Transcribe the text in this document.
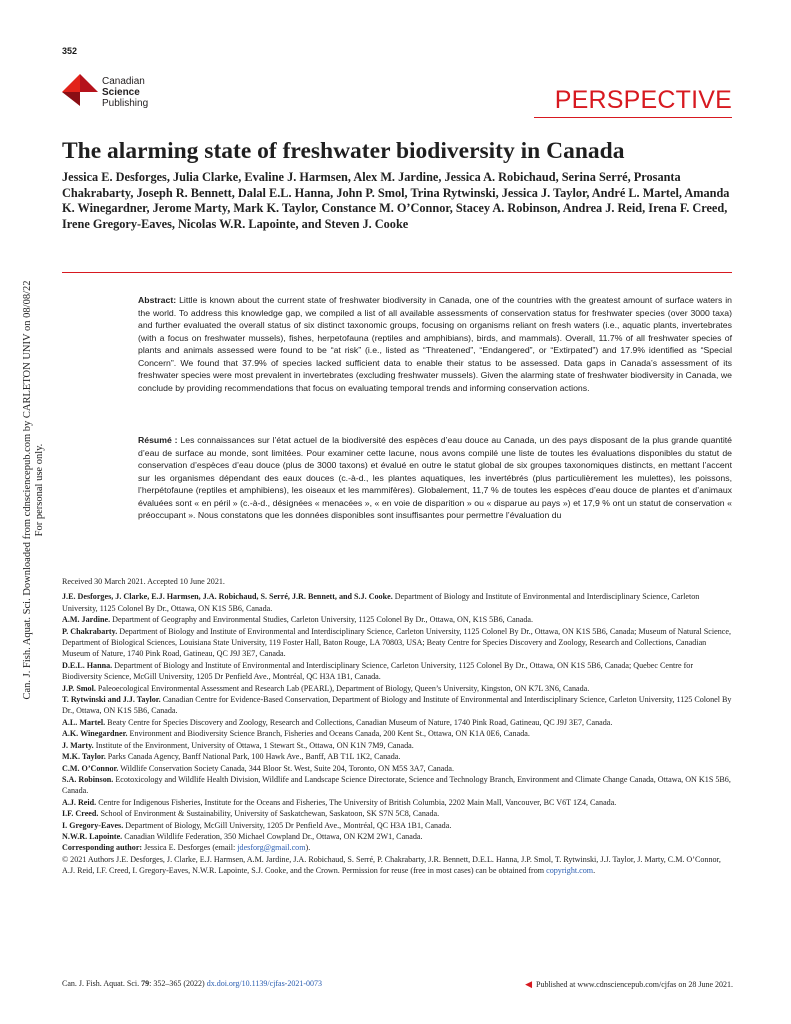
352
Canadian
Science
Publishing	PERSPECTIVE
The alarming state of freshwater biodiversity in Canada
Jessica E. Desforges, Julia Clarke, Evaline J. Harmsen, Alex M. Jardine, Jessica A. Robichaud, Serina Serré, Prosanta Chakrabarty, Joseph R. Bennett, Dalal E.L. Hanna, John P. Smol, Trina Rytwinski, Jessica J. Taylor, André L. Martel, Amanda K. Winegardner, Jerome Marty, Mark K. Taylor, Constance M. O’Connor, Stacey A. Robinson, Andrea J. Reid, Irena F. Creed, Irene Gregory-Eaves, Nicolas W.R. Lapointe, and Steven J. Cooke
Can. J. Fish. Aquat. Sci. Downloaded from cdnsciencepub.com by CARLETON UNIV on 08/08/22 For personal use only.
Abstract: Little is known about the current state of freshwater biodiversity in Canada, one of the countries with the greatest amount of surface waters in the world. To address this knowledge gap, we compiled a list of all available assessments of conservation status for freshwater species (over 3000 taxa) and further evaluated the overall status of six distinct taxonomic groups, focusing on organisms reliant on fresh waters (i.e., aquatic plants, invertebrates (with a focus on freshwater mussels), fishes, herpetofauna (reptiles and amphibians), birds, and mammals). Overall, 11.7% of all freshwater species of plants and animals assessed were found to be “at risk” (i.e., listed as “Threatened”, “Endangered”, or “Extirpated”) and 17.9% identified as “Special Concern”. We found that 37.9% of species lacked sufficient data to enable their status to be assessed. Data gaps in Canada’s assessment of its freshwater species were most prevalent in invertebrates (excluding freshwater mussels). Given the alarming state of freshwater biodiversity in Canada, we conclude by providing recommendations that focus on evaluating temporal trends and informing conservation actions.
Résumé : Les connaissances sur l’état actuel de la biodiversité des espèces d’eau douce au Canada, un des pays disposant de la plus grande quantité d’eau de surface au monde, sont limitées. Pour examiner cette lacune, nous avons compilé une liste de toutes les évaluations disponibles du statut de conservation d’espèces d’eau douce (plus de 3000 taxons) et évalué en outre le statut global de six groupes taxonomiques distincts, en mettant l’accent sur les organismes dépendant des eaux douces (c.-à-d., les plantes aquatiques, les invertébrés (plus particulièrement les mulettes), les poissons, l’herpétofaune (reptiles et amphibiens), les oiseaux et les mammifères). Globalement, 11,7 % de toutes les espèces d’eau douce de plantes et d’animaux évaluées sont « en péril » (c.-à-d., désignées « menacées », « en voie de disparition » ou « disparue au pays ») et 17,9 % ont un statut de conservation « préoccupant ». Nous constatons que les données disponibles sont insuffisantes pour permettre l’évaluation du
Received 30 March 2021. Accepted 10 June 2021.
J.E. Desforges, J. Clarke, E.J. Harmsen, J.A. Robichaud, S. Serré, J.R. Bennett, and S.J. Cooke. Department of Biology and Institute of Environmental and Interdisciplinary Science, Carleton University, 1125 Colonel By Dr., Ottawa, ON K1S 5B6, Canada.
A.M. Jardine. Department of Geography and Environmental Studies, Carleton University, 1125 Colonel By Dr., Ottawa, ON, K1S 5B6, Canada.
P. Chakrabarty. Department of Biology and Institute of Environmental and Interdisciplinary Science, Carleton University, 1125 Colonel By Dr., Ottawa, ON K1S 5B6, Canada; Museum of Natural Science, Department of Biological Sciences, Louisiana State University, 119 Foster Hall, Baton Rouge, LA 70803, USA; Beaty Centre for Species Discovery and Zoology, Research and Collections, Canadian Museum of Nature, 1740 Pink Road, Gatineau, QC J9J 3E7, Canada.
D.E.L. Hanna. Department of Biology and Institute of Environmental and Interdisciplinary Science, Carleton University, 1125 Colonel By Dr., Ottawa, ON K1S 5B6, Canada; Quebec Centre for Biodiversity Science, McGill University, 1205 Dr Penfield Ave., Montréal, QC H3A 1B1, Canada.
J.P. Smol. Paleoecological Environmental Assessment and Research Lab (PEARL), Department of Biology, Queen’s University, Kingston, ON K7L 3N6, Canada.
T. Rytwinski and J.J. Taylor. Canadian Centre for Evidence-Based Conservation, Department of Biology and Institute of Environmental and Interdisciplinary Science, Carleton University, 1125 Colonel By Dr., Ottawa, ON K1S 5B6, Canada.
A.L. Martel. Beaty Centre for Species Discovery and Zoology, Research and Collections, Canadian Museum of Nature, 1740 Pink Road, Gatineau, QC J9J 3E7, Canada.
A.K. Winegardner. Environment and Biodiversity Science Branch, Fisheries and Oceans Canada, 200 Kent St., Ottawa, ON K1A 0E6, Canada.
J. Marty. Institute of the Environment, University of Ottawa, 1 Stewart St., Ottawa, ON K1N 7M9, Canada.
M.K. Taylor. Parks Canada Agency, Banff National Park, 100 Hawk Ave., Banff, AB T1L 1K2, Canada.
C.M. O’Connor. Wildlife Conservation Society Canada, 344 Bloor St. West, Suite 204, Toronto, ON M5S 3A7, Canada.
S.A. Robinson. Ecotoxicology and Wildlife Health Division, Wildlife and Landscape Science Directorate, Science and Technology Branch, Environment and Climate Change Canada, Ottawa, ON K1S 5B6, Canada.
A.J. Reid. Centre for Indigenous Fisheries, Institute for the Oceans and Fisheries, The University of British Columbia, 2202 Main Mall, Vancouver, BC V6T 1Z4, Canada.
I.F. Creed. School of Environment & Sustainability, University of Saskatchewan, Saskatoon, SK S7N 5C8, Canada.
I. Gregory-Eaves. Department of Biology, McGill University, 1205 Dr Penfield Ave., Montréal, QC H3A 1B1, Canada.
N.W.R. Lapointe. Canadian Wildlife Federation, 350 Michael Cowpland Dr., Ottawa, ON K2M 2W1, Canada.
Corresponding author: Jessica E. Desforges (email: jdesforg@gmail.com).
© 2021 Authors J.E. Desforges, J. Clarke, E.J. Harmsen, A.M. Jardine, J.A. Robichaud, S. Serré, P. Chakrabarty, J.R. Bennett, D.E.L. Hanna, J.P. Smol, T. Rytwinski, J.J. Taylor, J. Marty, C.M. O’Connor, A.J. Reid, I.F. Creed, I. Gregory-Eaves, N.W.R. Lapointe, S.J. Cooke, and the Crown. Permission for reuse (free in most cases) can be obtained from copyright.com.
Can. J. Fish. Aquat. Sci. 79: 352–365 (2022) dx.doi.org/10.1139/cjfas-2021-0073	◀ Published at www.cdnsciencepub.com/cjfas on 28 June 2021.
